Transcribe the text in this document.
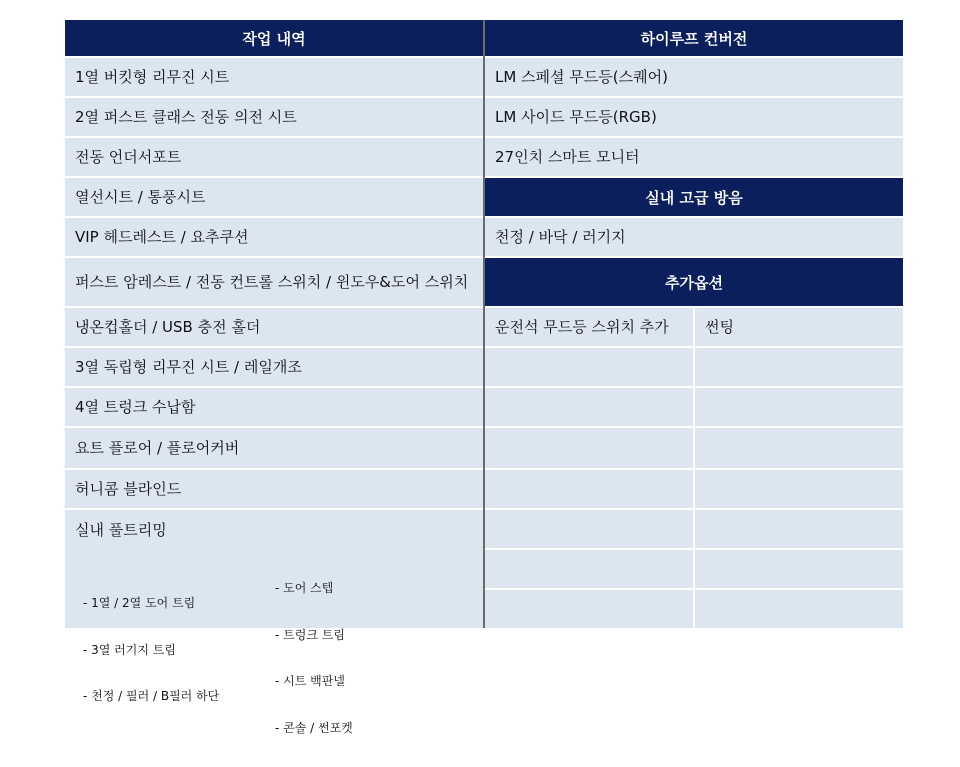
작업 내역	하이루프 컨버전
1열 버킷형 리무진 시트
2열 퍼스트 클래스 전동 의전 시트
전동 언더서포트
열선시트 / 통풍시트
VIP 헤드레스트 / 요추쿠션
퍼스트 암레스트 / 전동 컨트롤 스위치 / 윈도우&도어 스위치
냉온컵홀더 / USB 충전 홀더
3열 독립형 리무진 시트 / 레일개조
4열 트렁크 수납함
요트 플로어 / 플로어커버
허니콤 블라인드
실내 풀트리밍

- 1열 / 2열 도어 트림

- 3열 러기지 트림

- 천정 / 필러 / B필러 하단

- 도어 스텝

- 트렁크 트림

- 시트 백판넬

- 콘솔 / 썬포켓

LM 스페셜 무드등(스퀘어)
LM 사이드 무드등(RGB)
27인치 스마트 모니터
실내 고급 방음
천정 / 바닥 / 러기지
추가옵션
운전석 무드등 스위치 추가	썬팅
